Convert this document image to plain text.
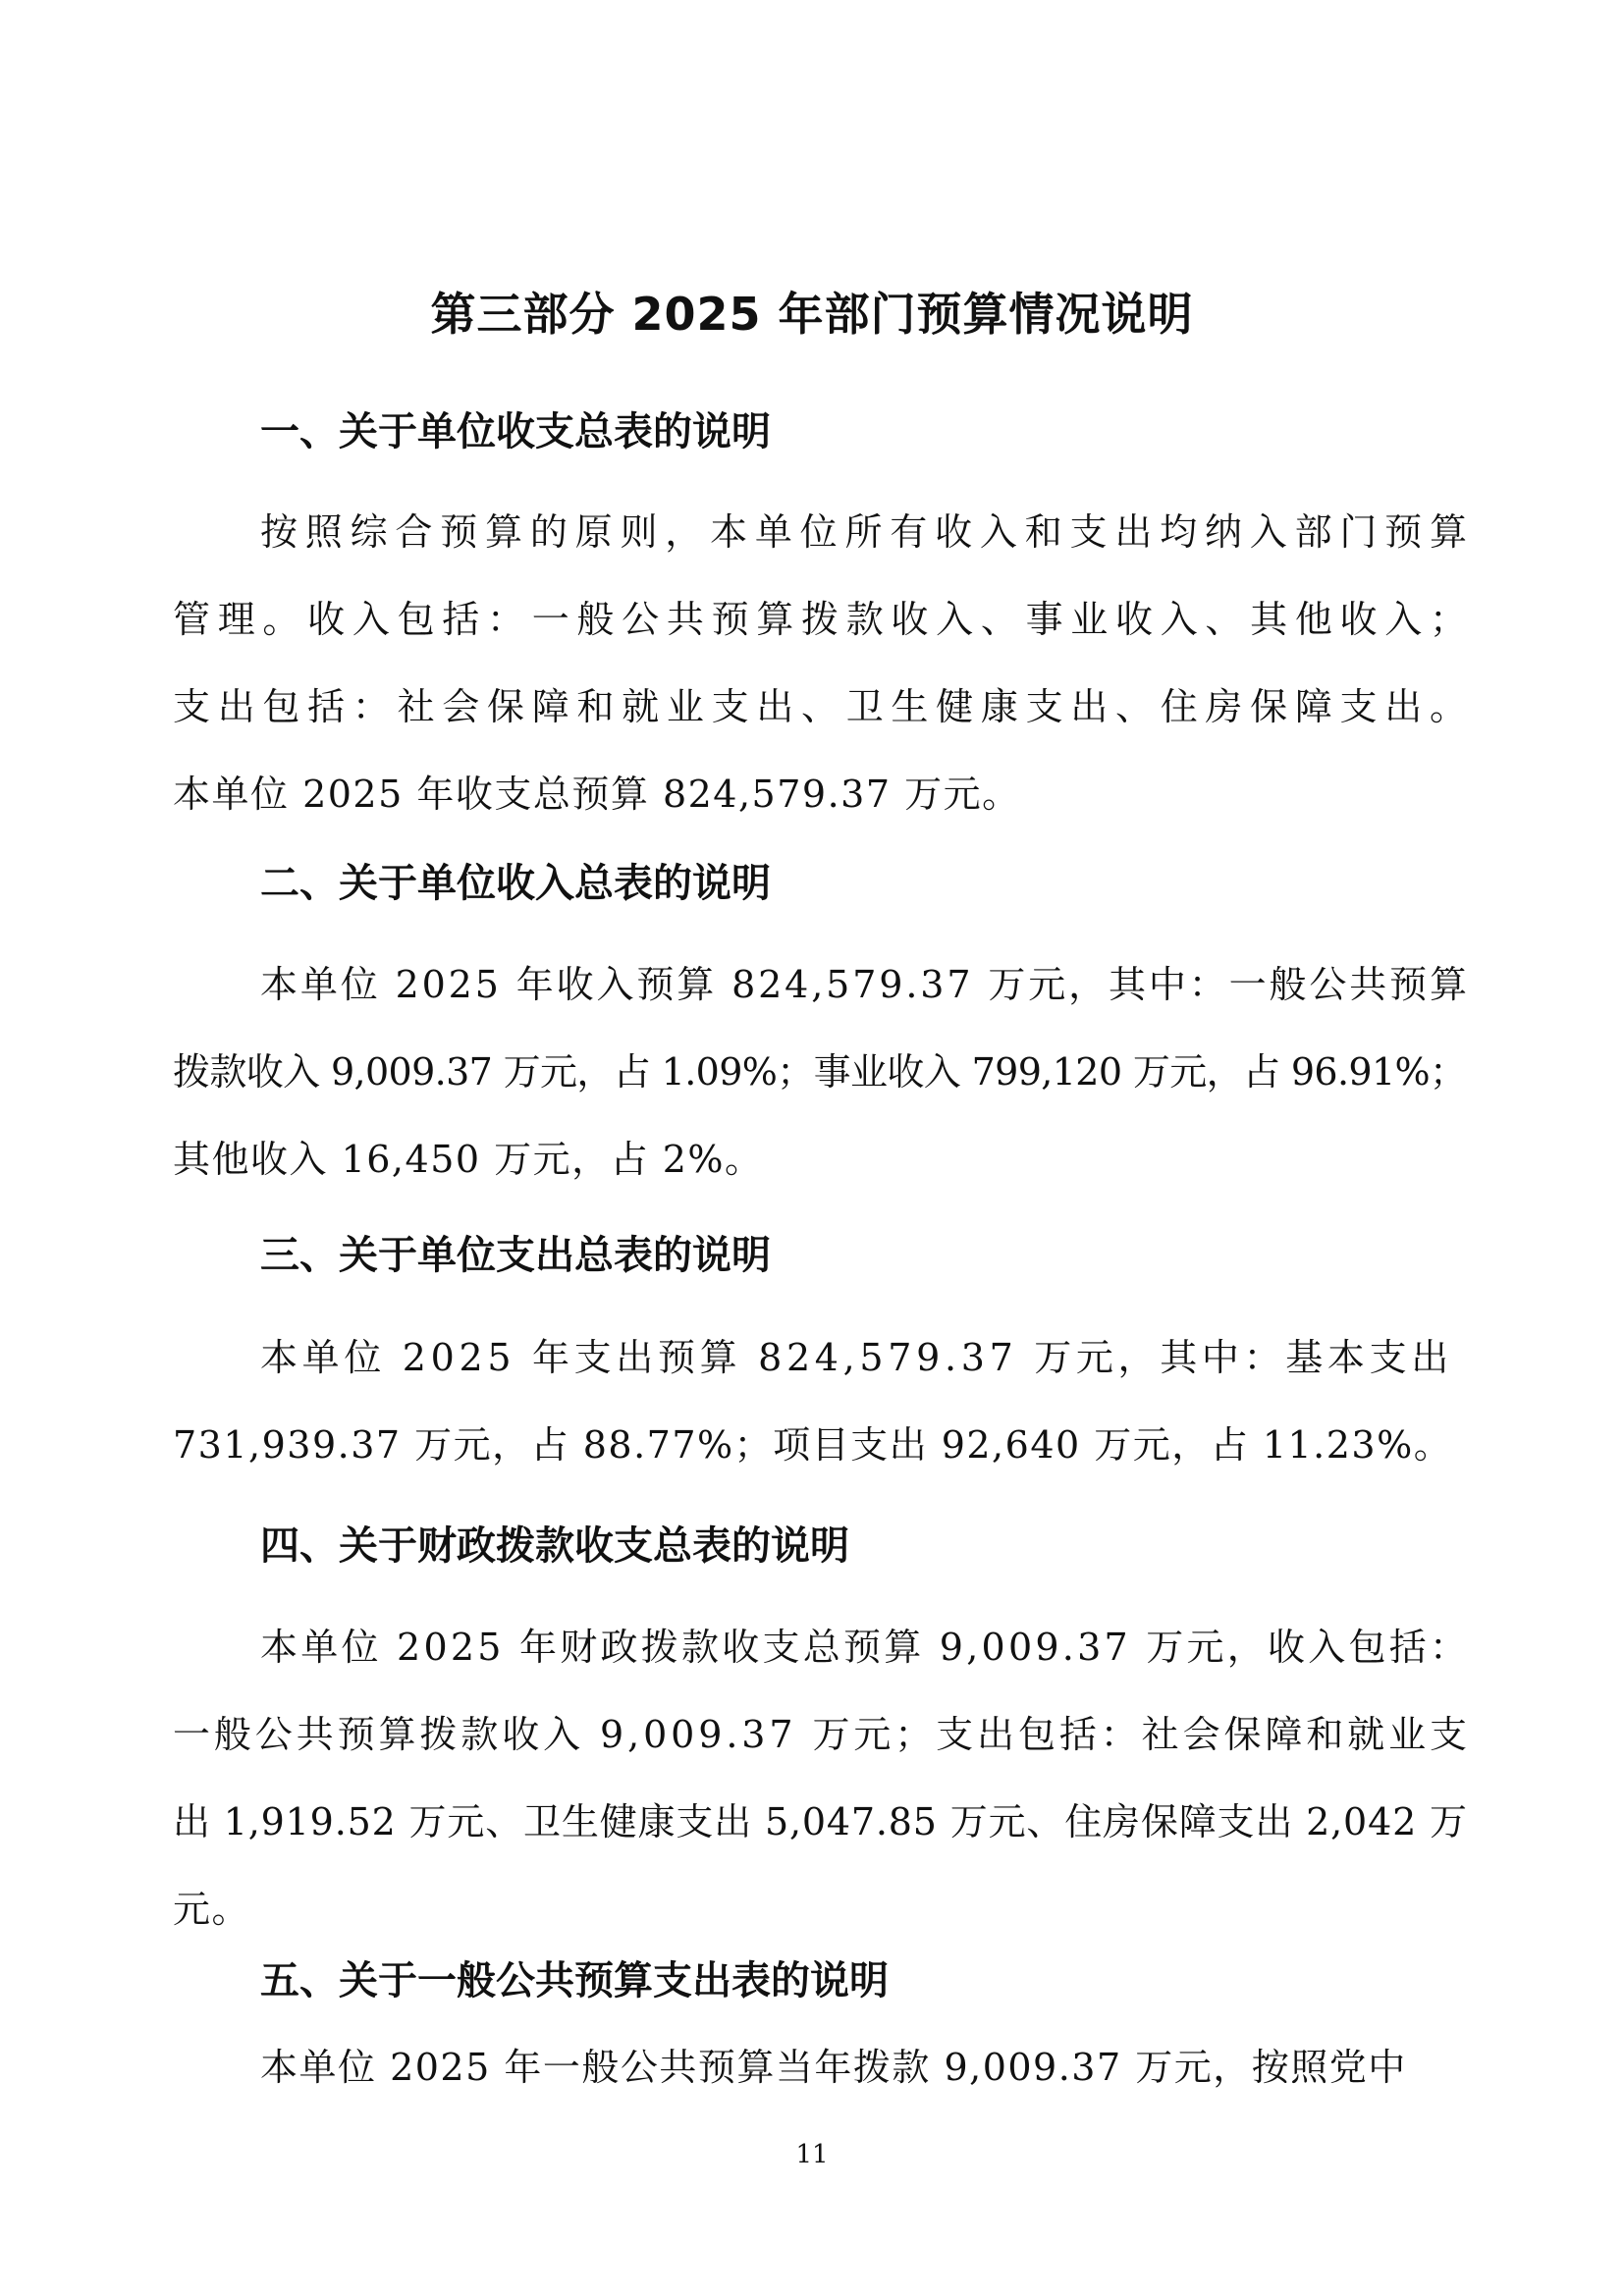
第三部分 2025 年部门预算情况说明
一、关于单位收支总表的说明
按照综合预算的原则，本单位所有收入和支出均纳入部门预算
管理。收入包括：一般公共预算拨款收入、事业收入、其他收入；
支出包括：社会保障和就业支出、卫生健康支出、住房保障支出。
本单位 2025 年收支总预算 824,579.37 万元。
二、关于单位收入总表的说明
本单位 2025 年收入预算 824,579.37 万元，其中：一般公共预算
拨款收入 9,009.37 万元，占 1.09%；事业收入 799,120 万元，占 96.91%；
其他收入 16,450 万元，占 2%。
三、关于单位支出总表的说明
本单位 2025 年支出预算 824,579.37 万元，其中：基本支出
731,939.37 万元，占 88.77%；项目支出 92,640 万元，占 11.23%。
四、关于财政拨款收支总表的说明
本单位 2025 年财政拨款收支总预算 9,009.37 万元，收入包括：
一般公共预算拨款收入 9,009.37 万元；支出包括：社会保障和就业支
出 1,919.52 万元、卫生健康支出 5,047.85 万元、住房保障支出 2,042 万
元。
五、关于一般公共预算支出表的说明
本单位 2025 年一般公共预算当年拨款 9,009.37 万元，按照党中
11
